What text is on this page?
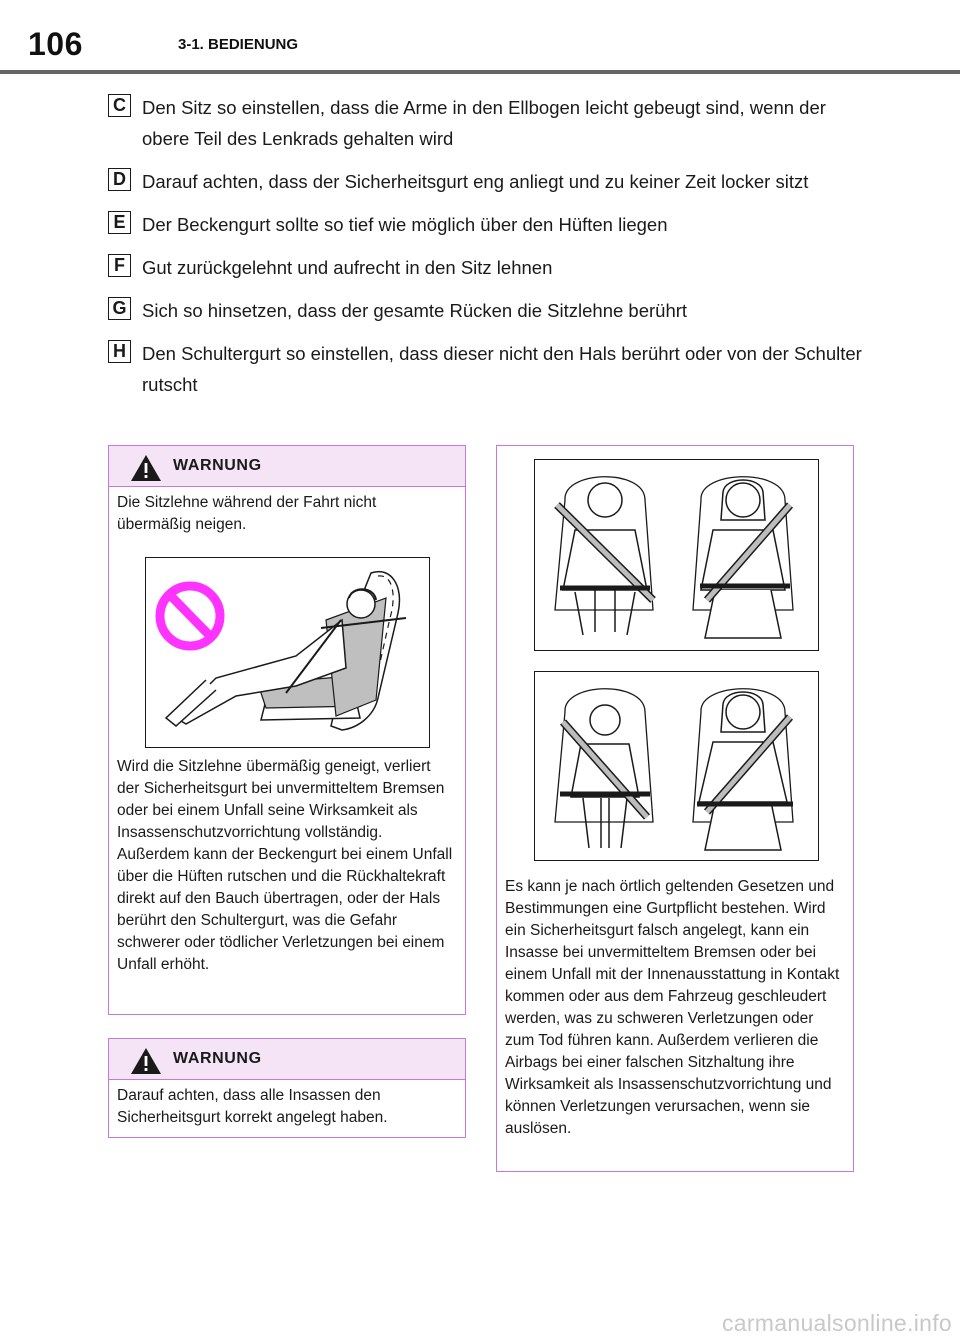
106	3-1. BEDIENUNG
C Den Sitz so einstellen, dass die Arme in den Ellbogen leicht gebeugt sind, wenn der obere Teil des Lenkrads gehalten wird
D Darauf achten, dass der Sicherheitsgurt eng anliegt und zu keiner Zeit locker sitzt
E Der Beckengurt sollte so tief wie möglich über den Hüften liegen
F Gut zurückgelehnt und aufrecht in den Sitz lehnen
G Sich so hinsetzen, dass der gesamte Rücken die Sitzlehne berührt
H Den Schultergurt so einstellen, dass dieser nicht den Hals berührt oder von der Schulter rutscht
WARNUNG
Die Sitzlehne während der Fahrt nicht übermäßig neigen.
Wird die Sitzlehne übermäßig geneigt, verliert der Sicherheitsgurt bei unvermitteltem Bremsen oder bei einem Unfall seine Wirksamkeit als Insassenschutzvorrichtung vollständig. Außerdem kann der Beckengurt bei einem Unfall über die Hüften rutschen und die Rückhaltekraft direkt auf den Bauch übertragen, oder der Hals berührt den Schultergurt, was die Gefahr schwerer oder tödlicher Verletzungen bei einem Unfall erhöht.
WARNUNG
Darauf achten, dass alle Insassen den Sicherheitsgurt korrekt angelegt haben.
Es kann je nach örtlich geltenden Gesetzen und Bestimmungen eine Gurtpflicht bestehen. Wird ein Sicherheitsgurt falsch angelegt, kann ein Insasse bei unvermitteltem Bremsen oder bei einem Unfall mit der Innenausstattung in Kontakt kommen oder aus dem Fahrzeug geschleudert werden, was zu schweren Verletzungen oder zum Tod führen kann. Außerdem verlieren die Airbags bei einer falschen Sitzhaltung ihre Wirksamkeit als Insassenschutzvorrichtung und können Verletzungen verursachen, wenn sie auslösen.
carmanualsonline.info
